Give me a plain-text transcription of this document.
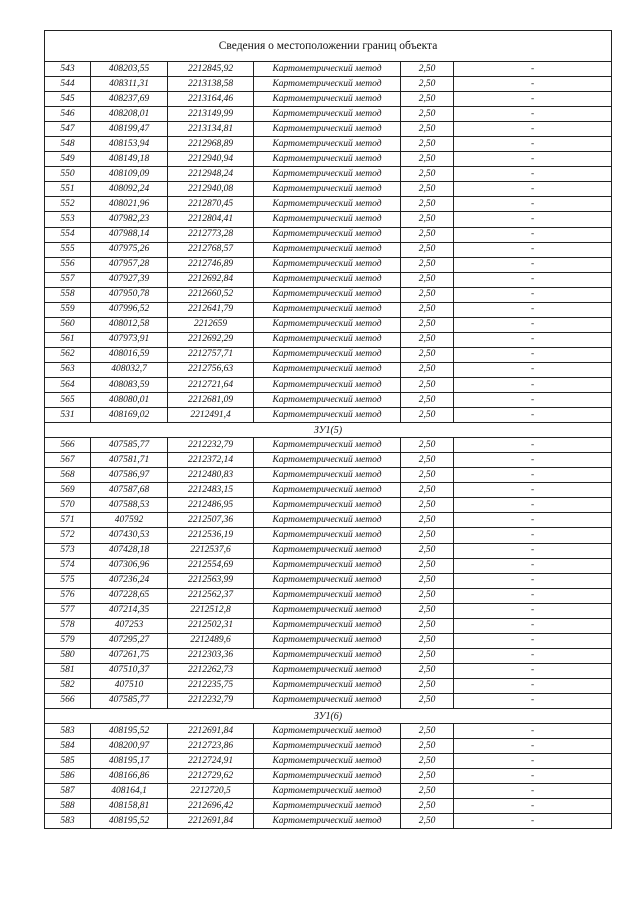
Сведения о местоположении границ объекта					
543	408203,55	2212845,92	Картометрический метод	2,50	-
544	408311,31	2213138,58	Картометрический метод	2,50	-
545	408237,69	2213164,46	Картометрический метод	2,50	-
546	408208,01	2213149,99	Картометрический метод	2,50	-
547	408199,47	2213134,81	Картометрический метод	2,50	-
548	408153,94	2212968,89	Картометрический метод	2,50	-
549	408149,18	2212940,94	Картометрический метод	2,50	-
550	408109,09	2212948,24	Картометрический метод	2,50	-
551	408092,24	2212940,08	Картометрический метод	2,50	-
552	408021,96	2212870,45	Картометрический метод	2,50	-
553	407982,23	2212804,41	Картометрический метод	2,50	-
554	407988,14	2212773,28	Картометрический метод	2,50	-
555	407975,26	2212768,57	Картометрический метод	2,50	-
556	407957,28	2212746,89	Картометрический метод	2,50	-
557	407927,39	2212692,84	Картометрический метод	2,50	-
558	407950,78	2212660,52	Картометрический метод	2,50	-
559	407996,52	2212641,79	Картометрический метод	2,50	-
560	408012,58	2212659	Картометрический метод	2,50	-
561	407973,91	2212692,29	Картометрический метод	2,50	-
562	408016,59	2212757,71	Картометрический метод	2,50	-
563	408032,7	2212756,63	Картометрический метод	2,50	-
564	408083,59	2212721,64	Картометрический метод	2,50	-
565	408080,01	2212681,09	Картометрический метод	2,50	-
531	408169,02	2212491,4	Картометрический метод	2,50	-
ЗУ1(5)					
566	407585,77	2212232,79	Картометрический метод	2,50	-
567	407581,71	2212372,14	Картометрический метод	2,50	-
568	407586,97	2212480,83	Картометрический метод	2,50	-
569	407587,68	2212483,15	Картометрический метод	2,50	-
570	407588,53	2212486,95	Картометрический метод	2,50	-
571	407592	2212507,36	Картометрический метод	2,50	-
572	407430,53	2212536,19	Картометрический метод	2,50	-
573	407428,18	2212537,6	Картометрический метод	2,50	-
574	407306,96	2212554,69	Картометрический метод	2,50	-
575	407236,24	2212563,99	Картометрический метод	2,50	-
576	407228,65	2212562,37	Картометрический метод	2,50	-
577	407214,35	2212512,8	Картометрический метод	2,50	-
578	407253	2212502,31	Картометрический метод	2,50	-
579	407295,27	2212489,6	Картометрический метод	2,50	-
580	407261,75	2212303,36	Картометрический метод	2,50	-
581	407510,37	2212262,73	Картометрический метод	2,50	-
582	407510	2212235,75	Картометрический метод	2,50	-
566	407585,77	2212232,79	Картометрический метод	2,50	-
ЗУ1(6)					
583	408195,52	2212691,84	Картометрический метод	2,50	-
584	408200,97	2212723,86	Картометрический метод	2,50	-
585	408195,17	2212724,91	Картометрический метод	2,50	-
586	408166,86	2212729,62	Картометрический метод	2,50	-
587	408164,1	2212720,5	Картометрический метод	2,50	-
588	408158,81	2212696,42	Картометрический метод	2,50	-
583	408195,52	2212691,84	Картометрический метод	2,50	-
